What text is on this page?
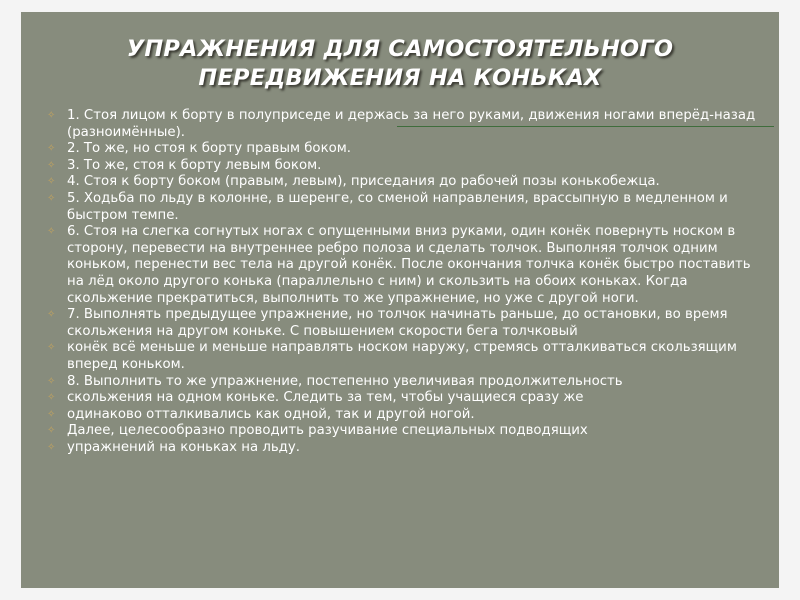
УПРАЖНЕНИЯ ДЛЯ САМОСТОЯТЕЛЬНОГО
ПЕРЕДВИЖЕНИЯ НА КОНЬКАХ
✧ 1. Стоя лицом к борту в полуприседе и держась за него руками, движения ногами вперёд-назад (разноимённые).
✧ 2. То же, но стоя к борту правым боком.
✧ 3. То же, стоя к борту левым боком.
✧ 4. Стоя к борту боком (правым, левым), приседания до рабочей позы конькобежца.
✧ 5. Ходьба по льду в колонне, в шеренге, со сменой направления, врассыпную в медленном и быстром темпе.
✧ 6. Стоя на слегка согнутых ногах с опущенными вниз руками, один конёк повернуть носком в сторону, перевести на внутреннее ребро полоза и сделать толчок. Выполняя толчок одним коньком, перенести вес тела на другой конёк. После окончания толчка конёк быстро поставить на лёд около другого конька (параллельно с ним) и скользить на обоих коньках. Когда скольжение прекратиться, выполнить то же упражнение, но уже с другой ноги.
✧ 7. Выполнять предыдущее упражнение, но толчок начинать раньше, до остановки, во время скольжения на другом коньке. С повышением скорости бега толчковый
✧ конёк всё меньше и меньше направлять носком наружу, стремясь отталкиваться скользящим вперед коньком.
✧ 8. Выполнить то же упражнение, постепенно увеличивая продолжительность
✧ скольжения на одном коньке. Следить за тем, чтобы учащиеся сразу же
✧ одинаково отталкивались как одной, так и другой ногой.
✧ Далее, целесообразно проводить разучивание специальных подводящих
✧ упражнений на коньках на льду.
